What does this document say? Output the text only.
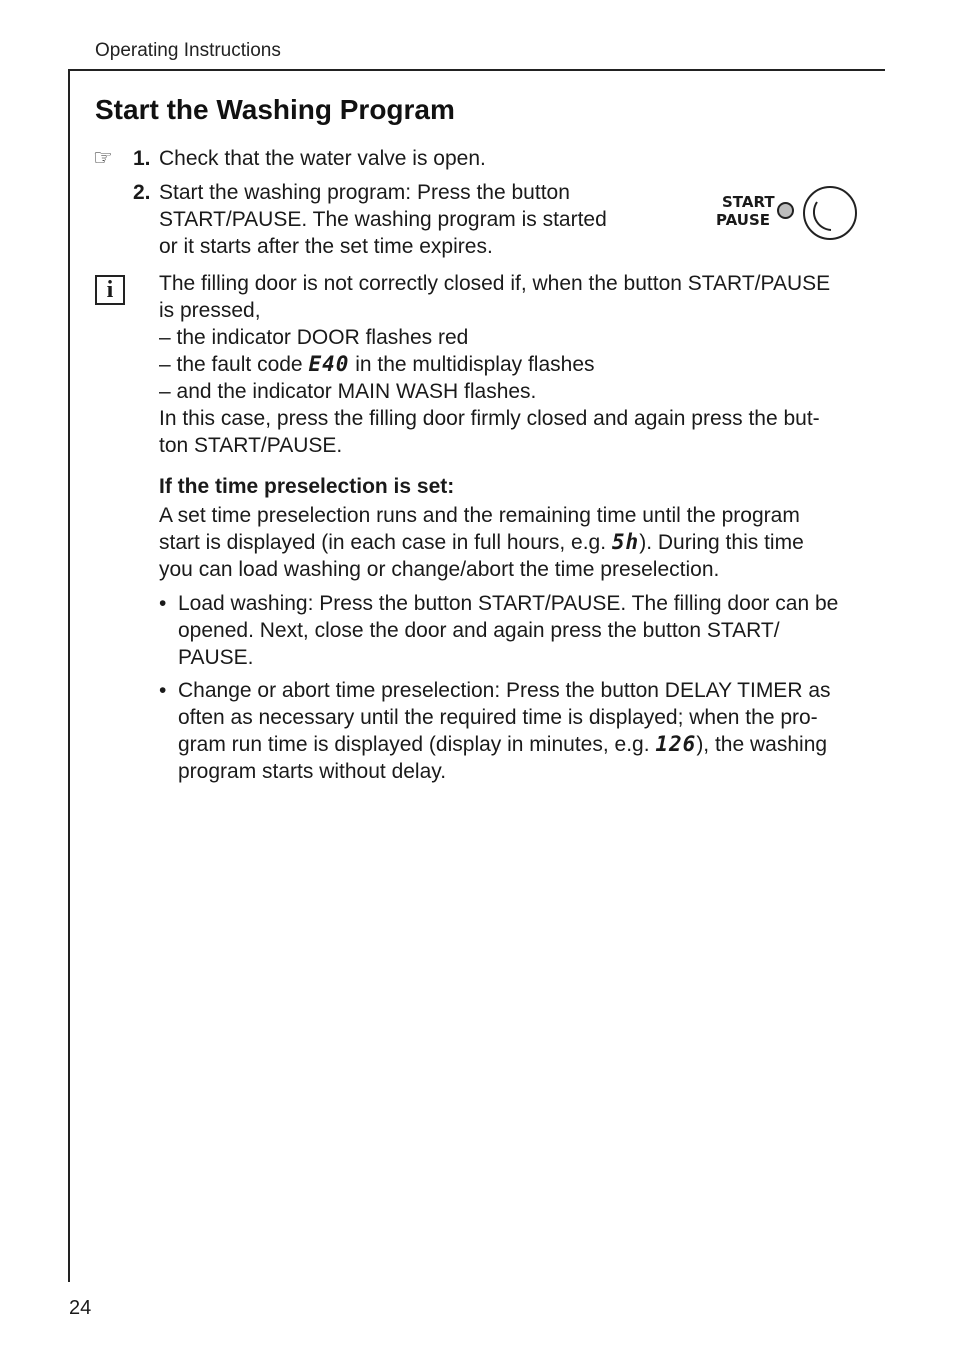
Operating Instructions
Start the Washing Program
☞ 1. Check that the water valve is open.
2. Start the washing program: Press the button
START/PAUSE. The washing program is started
or it starts after the set time expires.
START
PAUSE
i	The filling door is not correctly closed if, when the button START/PAUSE
is pressed,
– the indicator DOOR flashes red
– the fault code E40 in the multidisplay flashes
– and the indicator MAIN WASH flashes.
In this case, press the filling door firmly closed and again press the but-
ton START/PAUSE.
If the time preselection is set:
A set time preselection runs and the remaining time until the program
start is displayed (in each case in full hours, e.g. 5h). During this time
you can load washing or change/abort the time preselection.
• Load washing: Press the button START/PAUSE. The filling door can be
opened. Next, close the door and again press the button START/
PAUSE.
• Change or abort time preselection: Press the button DELAY TIMER as
often as necessary until the required time is displayed; when the pro-
gram run time is displayed (display in minutes, e.g. 126), the washing
program starts without delay.
24
